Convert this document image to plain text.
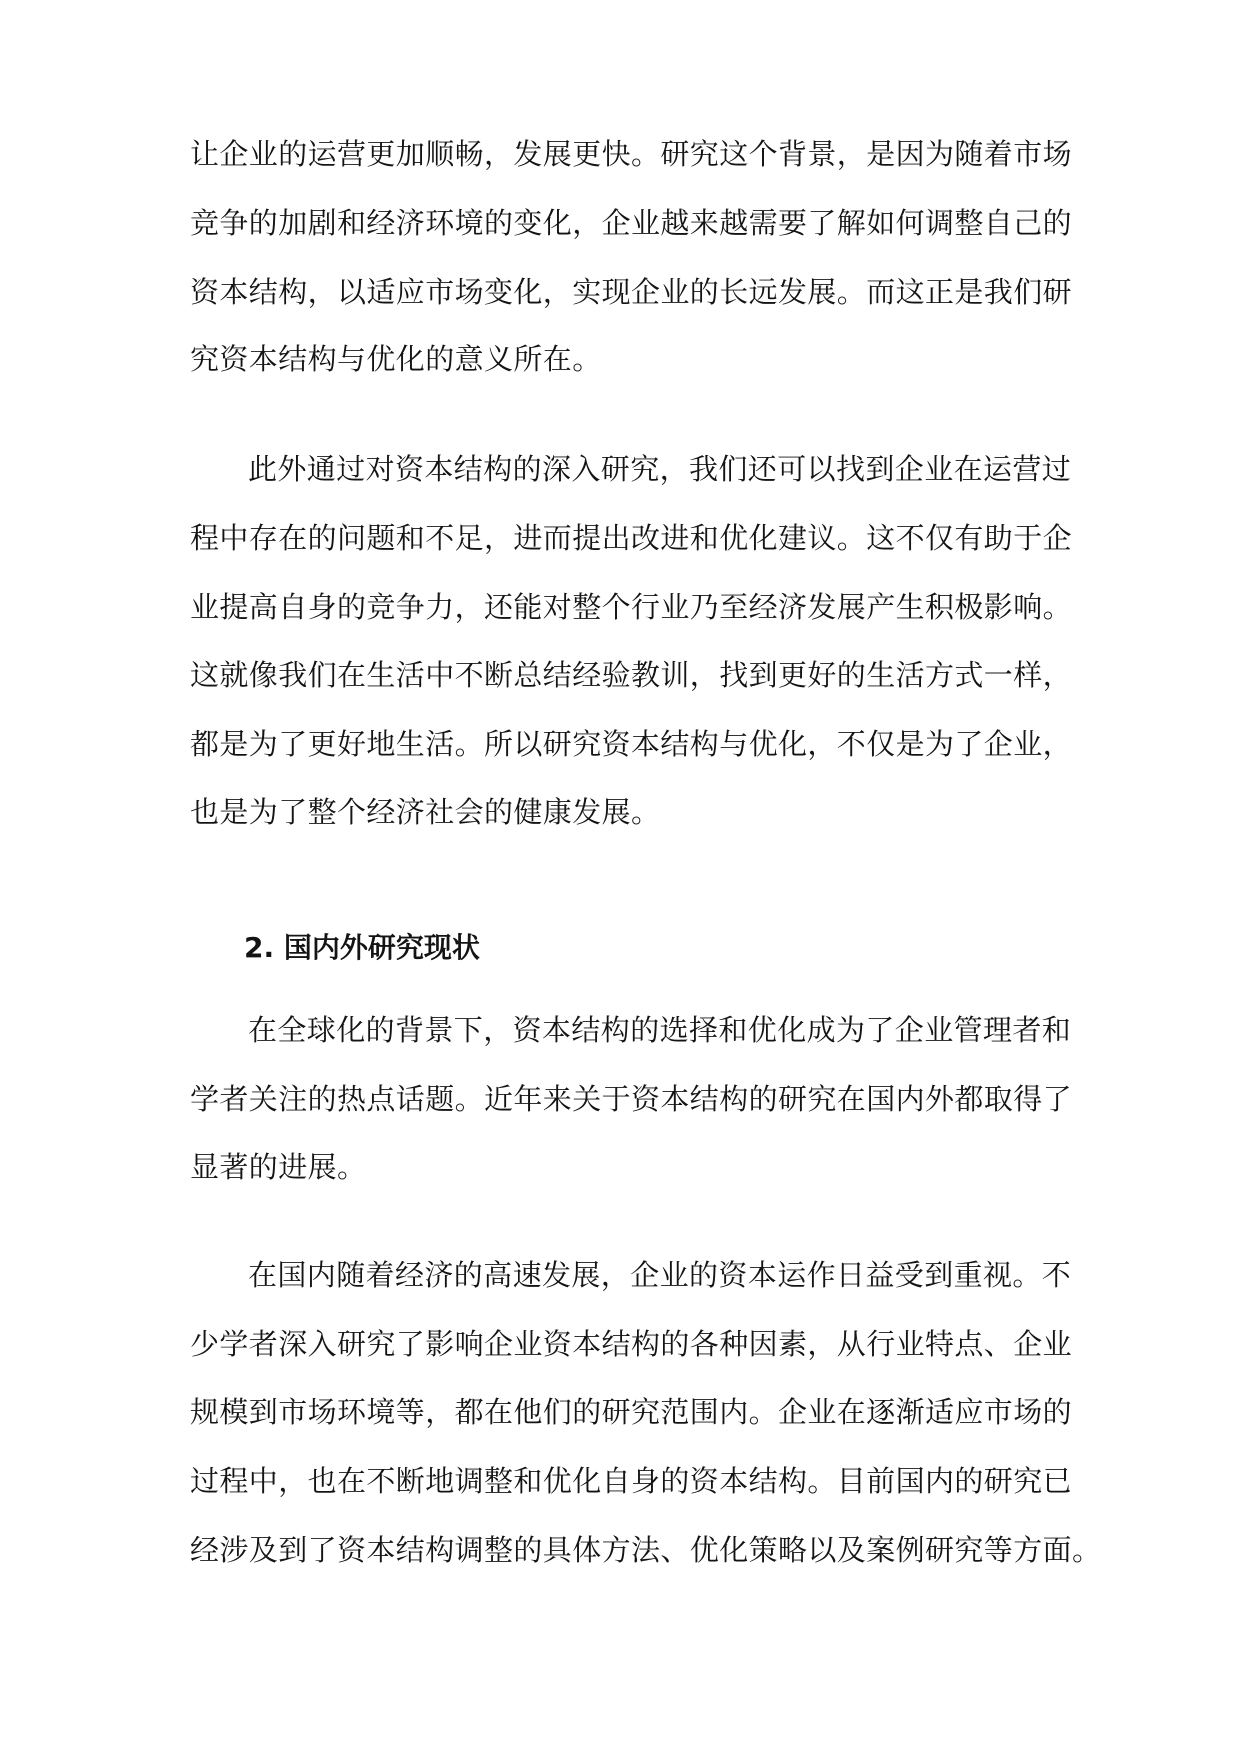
让企业的运营更加顺畅，发展更快。研究这个背景，是因为随着市场
竞争的加剧和经济环境的变化，企业越来越需要了解如何调整自己的
资本结构，以适应市场变化，实现企业的长远发展。而这正是我们研
究资本结构与优化的意义所在。
此外通过对资本结构的深入研究，我们还可以找到企业在运营过
程中存在的问题和不足，进而提出改进和优化建议。这不仅有助于企
业提高自身的竞争力，还能对整个行业乃至经济发展产生积极影响。
这就像我们在生活中不断总结经验教训，找到更好的生活方式一样，
都是为了更好地生活。所以研究资本结构与优化，不仅是为了企业，
也是为了整个经济社会的健康发展。
2. 国内外研究现状
在全球化的背景下，资本结构的选择和优化成为了企业管理者和
学者关注的热点话题。近年来关于资本结构的研究在国内外都取得了
显著的进展。
在国内随着经济的高速发展，企业的资本运作日益受到重视。不
少学者深入研究了影响企业资本结构的各种因素，从行业特点、企业
规模到市场环境等，都在他们的研究范围内。企业在逐渐适应市场的
过程中，也在不断地调整和优化自身的资本结构。目前国内的研究已
经涉及到了资本结构调整的具体方法、优化策略以及案例研究等方面。
